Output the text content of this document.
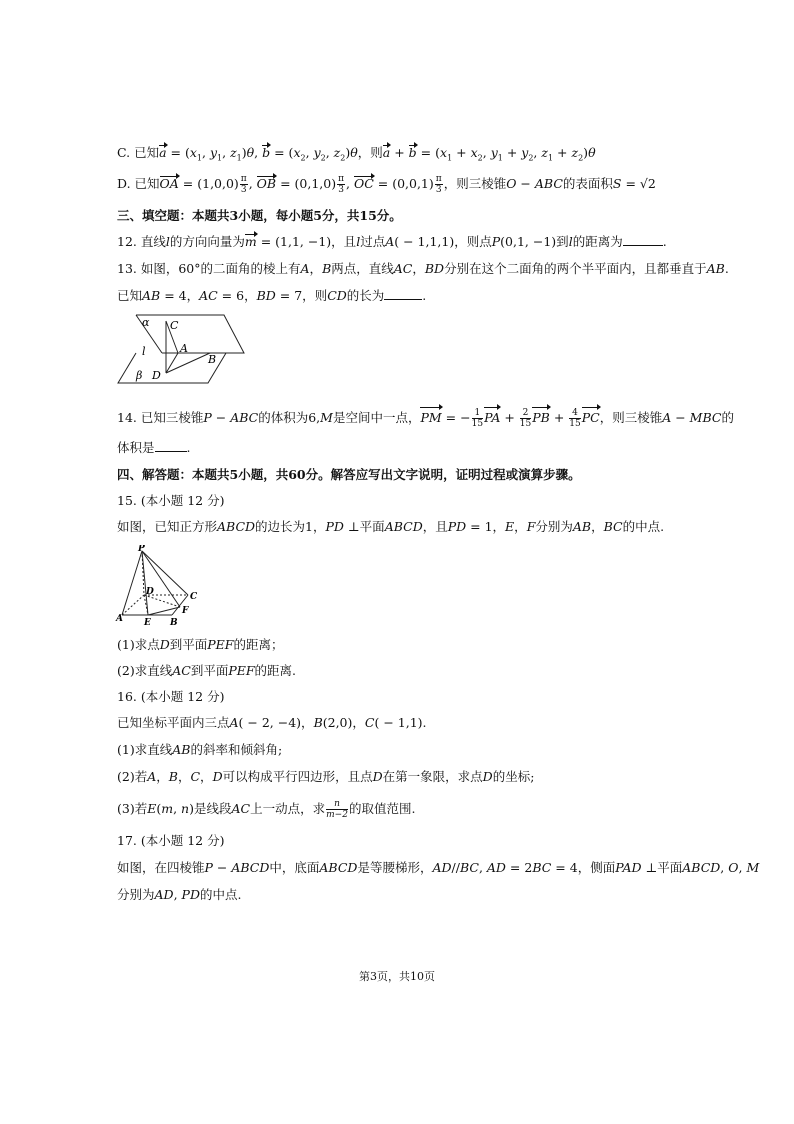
C. 已知$a = (x_1$, $y_1$, $z_1)\theta$, $b = (x_2$, $y_2$, $z_2)\theta$，则$a + b = (x_1 + x_2$, $y_1 + y_2$, $z_1 + z_2)\theta$
D. 已知OA = $(1,0,0) \frac{\pi}{3}$ , OB = $(0,1,0) \frac{\pi}{3}$ , OC = $(0,0,1) \frac{\pi}{3}$ ，则三棱锥O − ABC的表面积S = √2
三、填空题：本题共3小题，每小题5分，共15分。
12. 直线l的方向向量为m = (1,1, −1)，且l过点A( − 1,1,1)，则点P(0,1, −1)到l的距离为	.
13. 如图，60°的二面角的棱上有A，B两点，直线AC，BD分别在这个二面角的两个半平面内，且都垂直于AB.
已知AB = 4，AC = 6，BD = 7，则CD的长为	.
α C
A
l
B
β D
14. 已知三棱锥P − ABC的体积为6,M是空间中一点，PM = − $\frac{1}{15}$ PA + $\frac{2}{15}$ PB + $\frac{4}{15}$ PC，则三棱锥A − MBC的
体积是	.
四、解答题：本题共5小题，共60分。解答应写出文字说明，证明过程或演算步骤。
15. (本小题 12 分)
如图，已知正方形ABCD的边长为1，PD ⊥平面ABCD，且PD = 1，E，F分别为AB，BC的中点.
P
D	C
F
A E B
(1)求点D到平面PEF的距离；
(2)求直线AC到平面PEF的距离.
16. (本小题 12 分)
已知坐标平面内三点A( − 2, −4)，B(2,0)，C( − 1,1).
(1)求直线AB的斜率和倾斜角;
(2)若A，B，C，D可以构成平行四边形，且点D在第一象限，求点D的坐标;
(3)若E(m, n)是线段AC上一动点，求 $\frac{n}{m-2}$ 的取值范围.
17. (本小题 12 分)
如图，在四棱锥P − ABCD中，底面ABCD是等腰梯形，AD//BC, AD = 2BC = 4，侧面PAD ⊥平面ABCD, O, M
分别为AD, PD的中点.
第3页，共10页
